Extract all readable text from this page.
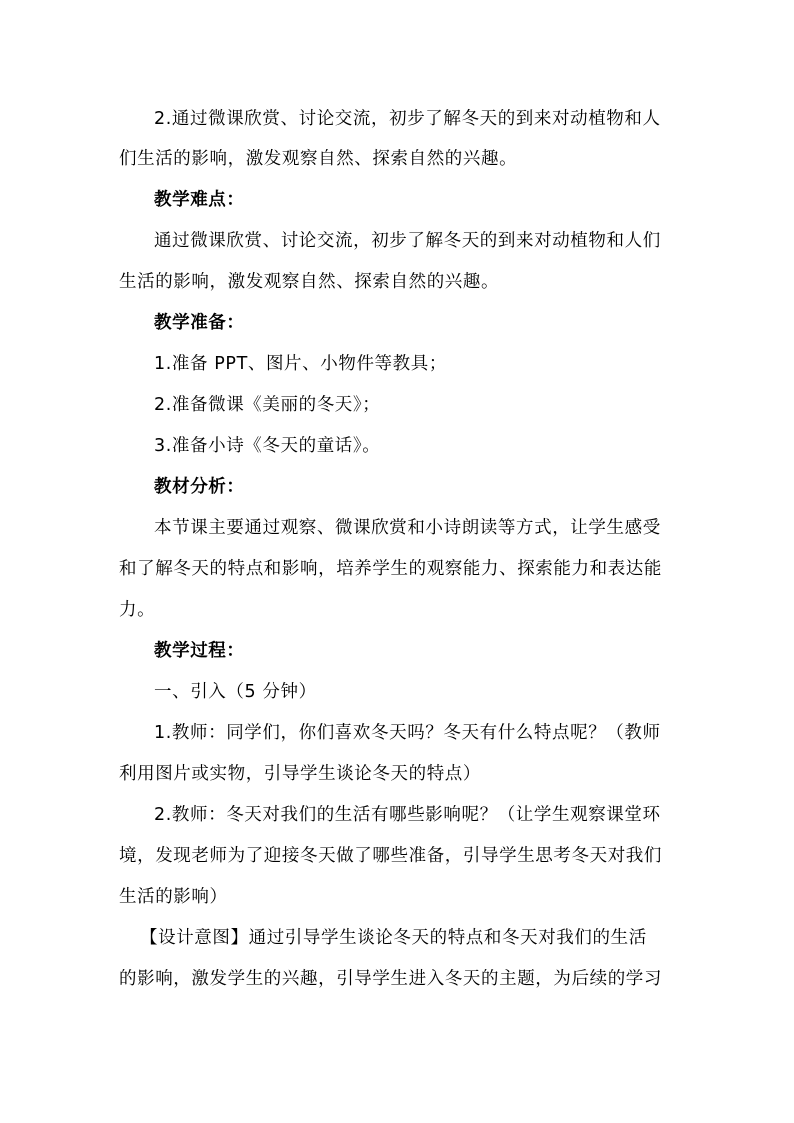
2.通过微课欣赏、讨论交流，初步了解冬天的到来对动植物和人
们生活的影响，激发观察自然、探索自然的兴趣。
教学难点：
通过微课欣赏、讨论交流，初步了解冬天的到来对动植物和人们
生活的影响，激发观察自然、探索自然的兴趣。
教学准备：
1.准备 PPT、图片、小物件等教具；
2.准备微课《美丽的冬天》；
3.准备小诗《冬天的童话》。
教材分析：
本节课主要通过观察、微课欣赏和小诗朗读等方式，让学生感受
和了解冬天的特点和影响，培养学生的观察能力、探索能力和表达能
力。
教学过程：
一、引入（5 分钟）
1.教师：同学们，你们喜欢冬天吗？冬天有什么特点呢？（教师
利用图片或实物，引导学生谈论冬天的特点）
2.教师：冬天对我们的生活有哪些影响呢？（让学生观察课堂环
境，发现老师为了迎接冬天做了哪些准备，引导学生思考冬天对我们
生活的影响）
【设计意图】通过引导学生谈论冬天的特点和冬天对我们的生活
的影响，激发学生的兴趣，引导学生进入冬天的主题，为后续的学习
